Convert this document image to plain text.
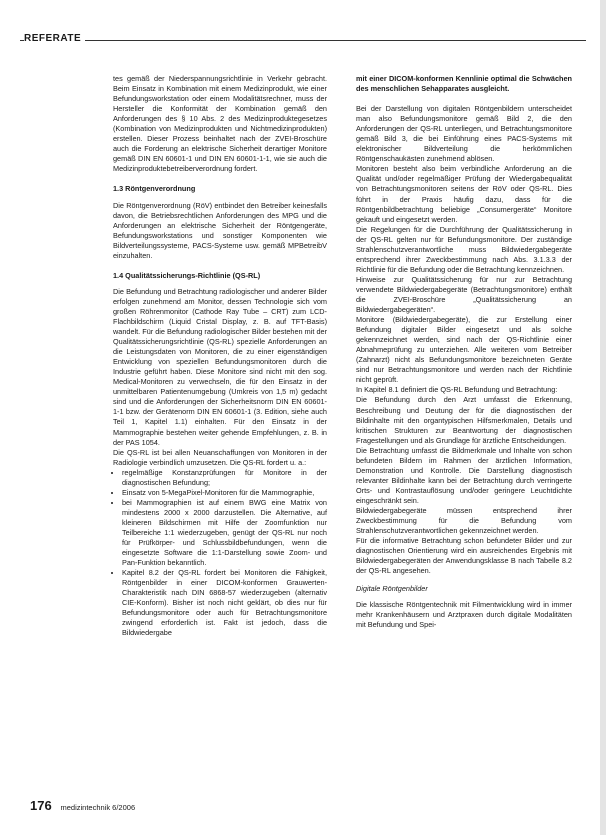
REFERATE

tes gemäß der Niederspannungsrichtlinie in Verkehr gebracht. Beim Einsatz in Kombination mit einem Medizinprodukt, wie einer Befundungsworkstation oder einem Modalitätsrechner, muss der Hersteller die Konformität der Kombination gemäß den Anforderungen des § 10 Abs. 2 des Medizinproduktegesetzes (Kombination von Medizinprodukten und Nichtmedizinprodukten) erstellen. Dieser Prozess beinhaltet nach der ZVEI-Broschüre auch die Forderung an elektrische Sicherheit derartiger Monitore gemäß DIN EN 60601-1 und DIN EN 60601-1-1, wie sie auch die Medizinproduktebetreiberverordnung fordert.

1.3 Röntgenverordnung

Die Röntgenverordnung (RöV) entbindet den Betreiber keinesfalls davon, die Betriebsrechtlichen Anforderungen des MPG und die Anforderungen an elektrische Sicherheit der Röntgengeräte, Befundungsworkstations und sonstiger Komponenten wie Bildverteilungssysteme, PACS-Systeme usw. gemäß MPBetreibV einzuhalten.

1.4 Qualitätssicherungs-Richtlinie (QS-RL)

Die Befundung und Betrachtung radiologischer und anderer Bilder erfolgen zunehmend am Monitor, dessen Technologie sich vom großen Röhrenmonitor (Cathode Ray Tube – CRT) zum LCD-Flachbildschirm (Liquid Cristal Display, z. B. auf TFT-Basis) wandelt. Für die Befundung radiologischer Bilder bestehen mit der Qualitätssicherungsrichtlinie (QS-RL) spezielle Anforderungen an die Leistungsdaten von Monitoren, die zu einer eigenständigen Entwicklung von speziellen Befundungsmonitoren durch die Industrie geführt haben. Diese Monitore sind nicht mit den sog. Medical-Monitoren zu verwechseln, die für den Einsatz in der unmittelbaren Patientenumgebung (Umkreis von 1,5 m) gedacht sind und die Anforderungen der Sicherheitsnorm DIN EN 60601-1-1 bzw. der Gerätenorm DIN EN 60601-1 (3. Edition, siehe auch Teil 1, Kapitel 1.1) einhalten. Für den Einsatz in der Mammographie bestehen weiter gehende Empfehlungen, z. B. in der PAS 1054.

Die QS-RL ist bei allen Neuanschaffungen von Monitoren in der Radiologie verbindlich umzusetzen. Die QS-RL fordert u. a.:

• regelmäßige Konstanzprüfungen für Monitore in der diagnostischen Befundung;
• Einsatz von 5-MegaPixel-Monitoren für die Mammographie,
• bei Mammographien ist auf einem BWG eine Matrix von mindestens 2000 x 2000 darzustellen. Die Alternative, auf kleineren Bildschirmen mit Hilfe der Zoomfunktion nur Teilbereiche 1:1 wiederzugeben, genügt der QS-RL nur noch für Prüfkörper- und Schlussbildbefundungen, wenn die eingesetzte Software die 1:1-Darstellung sowie Zoom- und Pan-Funktion bekanntlich.
• Kapitel 8.2 der QS-RL fordert bei Monitoren die Fähigkeit, Röntgenbilder in einer DICOM-konformen Grauwerten-Charakteristik nach DIN 6868-57 wiederzugeben (alternativ CIE-Konform). Bisher ist noch nicht geklärt, ob dies nur für Befundungsmonitore oder auch für Betrachtungsmonitore zwingend erforderlich ist. Fakt ist jedoch, dass die Bildwiedergabe

mit einer DICOM-konformen Kennlinie optimal die Schwächen des menschlichen Sehapparates ausgleicht.

Bei der Darstellung von digitalen Röntgenbildern unterscheidet man also Befundungsmonitore gemäß Bild 2, die den Anforderungen der QS-RL unterliegen, und Betrachtungsmonitore gemäß Bild 3, die bei Einführung eines PACS-Systems mit elektronischer Bildverteilung die herkömmlichen Röntgenschaukästen zunehmend ablösen.

Monitoren besteht also beim verbindliche Anforderung an die Qualität und/oder regelmäßiger Prüfung der Wiedergabequalität von Betrachtungsmonitoren seitens der RöV oder QS-RL. Dies führt in der Praxis häufig dazu, dass für die Röntgenbildbetrachtung beliebige „Consumergeräte“ Monitore gekauft und eingesetzt werden.

Die Regelungen für die Durchführung der Qualitätssicherung in der QS-RL gelten nur für Befundungsmonitore. Der zuständige Strahlenschutzverantwortliche muss Bildwiedergabegeräte entsprechend ihrer Zweckbestimmung nach Abs. 3.1.3.3 der Richtlinie für die Befundung oder die Betrachtung kennzeichnen.

Hinweise zur Qualitätssicherung für nur zur Betrachtung verwendete Bildwiedergabegeräte (Betrachtungsmonitore) enthält die ZVEI-Broschüre „Qualitätssicherung an Bildwiedergabegeräten“.

Monitore (Bildwiedergabegeräte), die zur Erstellung einer Befundung digitaler Bilder eingesetzt und als solche gekennzeichnet werden, sind nach der QS-Richtlinie einer Abnahmeprüfung zu unterziehen. Alle weiteren vom Betreiber (Zahnarzt) nicht als Befundungsmonitore bezeichneten Geräte sind nur Betrachtungsmonitore und werden nach der Richtlinie nicht geprüft.

In Kapitel 8.1 definiert die QS-RL Befundung und Betrachtung:

Die Befundung durch den Arzt umfasst die Erkennung, Beschreibung und Deutung der für die diagnostischen der Bildinhalte mit den organtypischen Hilfsmerkmalen, Details und kritischen Strukturen zur Beantwortung der diagnostischen Fragestellungen und als Grundlage für ärztliche Entscheidungen.

Die Betrachtung umfasst die Bildmerkmale und Inhalte von schon befundeten Bildern im Rahmen der ärztlichen Information, Demonstration und Kontrolle. Die Darstellung diagnostisch relevanter Bildinhalte kann bei der Betrachtung durch verringerte Orts- und Kontrastauflösung und/oder geringere Leuchtdichte eingeschränkt sein.

Bildwiedergabegeräte müssen entsprechend ihrer Zweckbestimmung für die Befundung vom Strahlenschutzverantwortlichen gekennzeichnet werden.

Für die informative Betrachtung schon befundeter Bilder und zur diagnostischen Orientierung wird ein ausreichendes Ergebnis mit Bildwiedergabegeräten der Anwendungsklasse B nach Tabelle 8.2 der QS-RL angesehen.

Digitale Röntgenbilder

Die klassische Röntgentechnik mit Filmentwicklung wird in immer mehr Krankenhäusern und Arztpraxen durch digitale Modalitäten mit Befundung und Spei-

176 medizintechnik 6/2006
